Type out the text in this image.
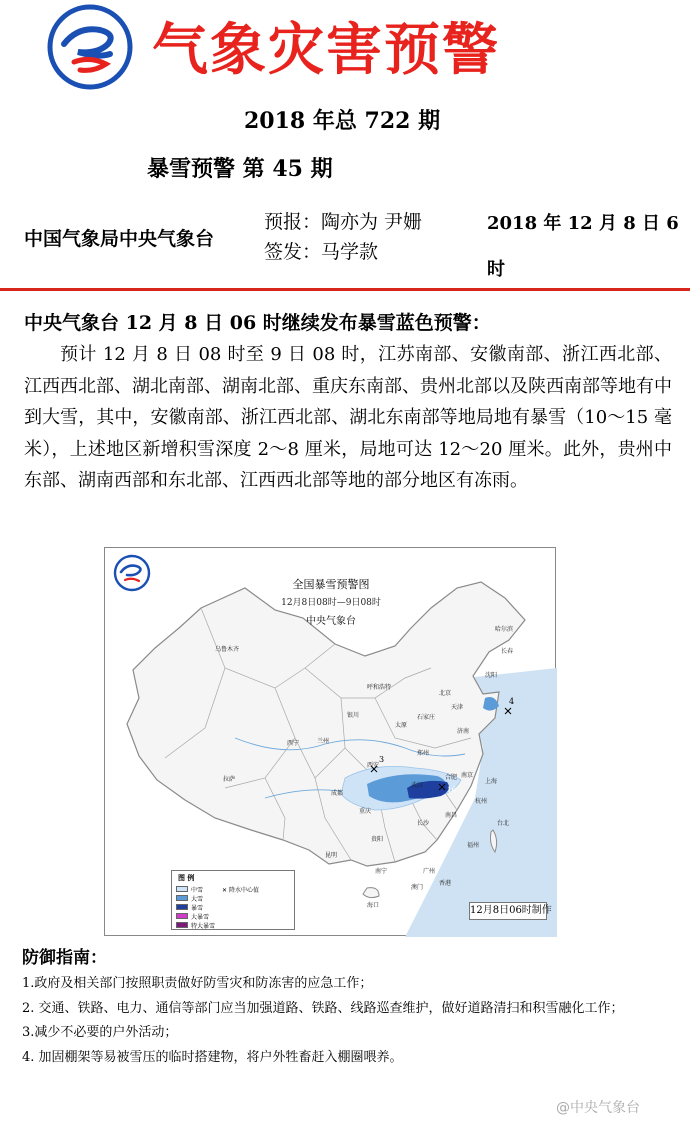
气象灾害预警
2018 年总 722 期
暴雪预警 第 45 期
中国气象局中央气象台
预报：陶亦为 尹姗
签发：马学款
2018 年 12 月 8 日 6 时
中央气象台 12 月 8 日 06 时继续发布暴雪蓝色预警：

预计 12 月 8 日 08 时至 9 日 08 时，江苏南部、安徽南部、浙江西北部、江西西北部、湖北南部、湖南北部、重庆东南部、贵州北部以及陕西南部等地有中到大雪，其中，安徽南部、浙江西北部、湖北东南部等地局地有暴雪（10～15 毫米），上述地区新增积雪深度 2～8 厘米，局地可达 12～20 厘米。此外，贵州中东部、湖南西部和东北部、江西西北部等地的部分地区有冻雨。

3
4
16
全国暴雪预警图
12月8日08时—9日08时
中央气象台
乌鲁木齐
哈尔滨
长春
沈阳
呼和浩特
北京
天津
石家庄
太原
银川
兰州
西宁
济南
郑州
西安
南京
合肥
上海
杭州
武汉
成都
重庆
长沙
南昌
福州
台北
贵阳
昆明
南宁	广州
香港
澳门
海口
拉萨
图 例
中雪
大雪
暴雪
大暴雪
特大暴雪
✕ 降水中心值
12月8日06时制作
防御指南：
1.政府及相关部门按照职责做好防雪灾和防冻害的应急工作；
2. 交通、铁路、电力、通信等部门应当加强道路、铁路、线路巡查维护，做好道路清扫和积雪融化工作；
3.减少不必要的户外活动；
4. 加固棚架等易被雪压的临时搭建物，将户外牲畜赶入棚圈喂养。
@中央气象台
